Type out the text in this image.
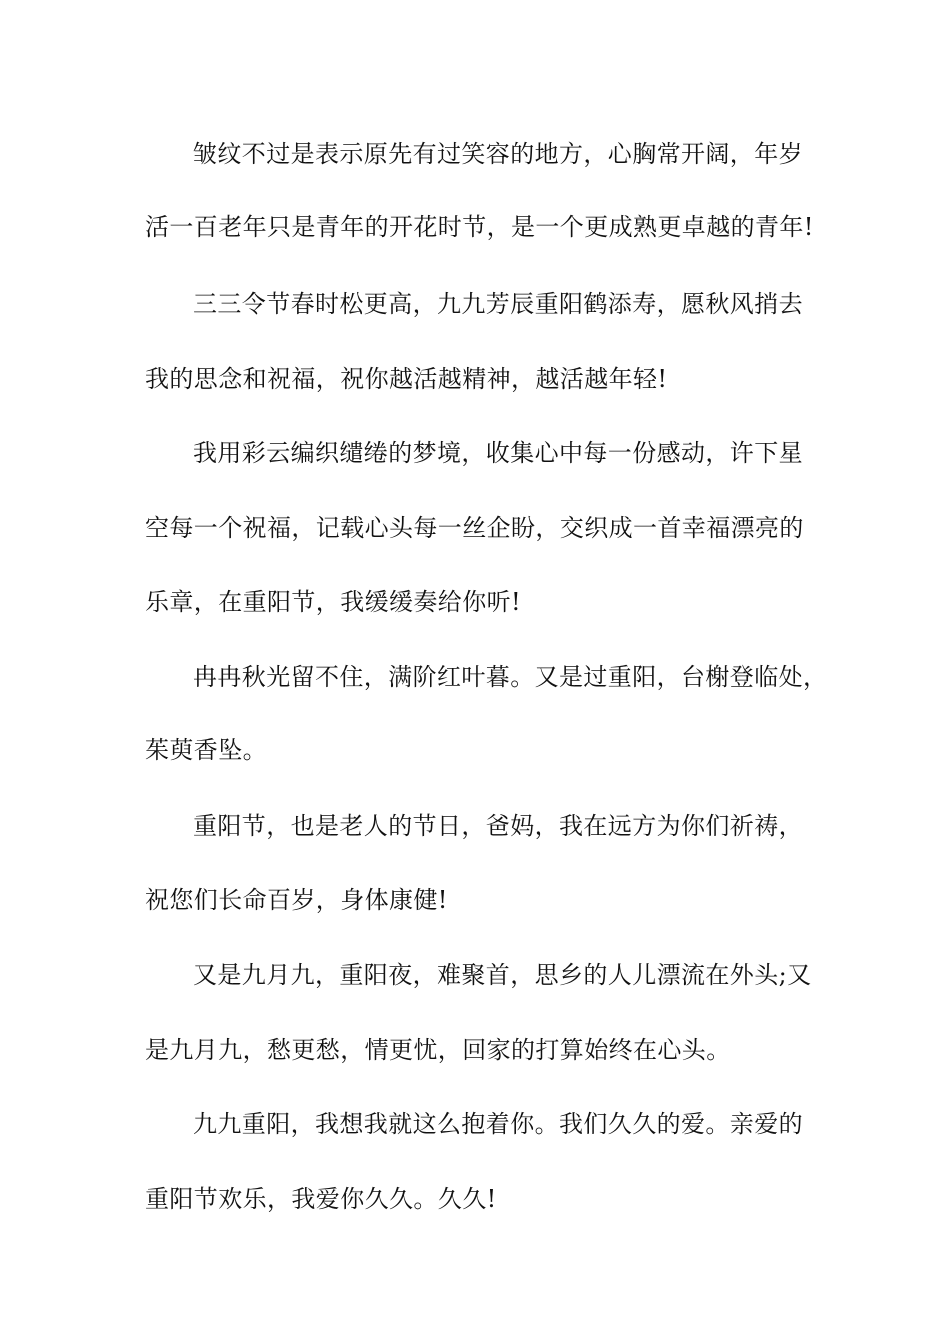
皱纹不过是表示原先有过笑容的地方，心胸常开阔，年岁
活一百老年只是青年的开花时节，是一个更成熟更卓越的青年!
三三令节春时松更高，九九芳辰重阳鹤添寿，愿秋风捎去
我的思念和祝福，祝你越活越精神，越活越年轻!
我用彩云编织缱绻的梦境，收集心中每一份感动，许下星
空每一个祝福，记载心头每一丝企盼，交织成一首幸福漂亮的
乐章，在重阳节，我缓缓奏给你听!
冉冉秋光留不住，满阶红叶暮。又是过重阳，台榭登临处，
茱萸香坠。
重阳节，也是老人的节日，爸妈，我在远方为你们祈祷，
祝您们长命百岁，身体康健!
又是九月九，重阳夜，难聚首，思乡的人儿漂流在外头;又
是九月九，愁更愁，情更忧，回家的打算始终在心头。
九九重阳，我想我就这么抱着你。我们久久的爱。亲爱的
重阳节欢乐，我爱你久久。久久!
